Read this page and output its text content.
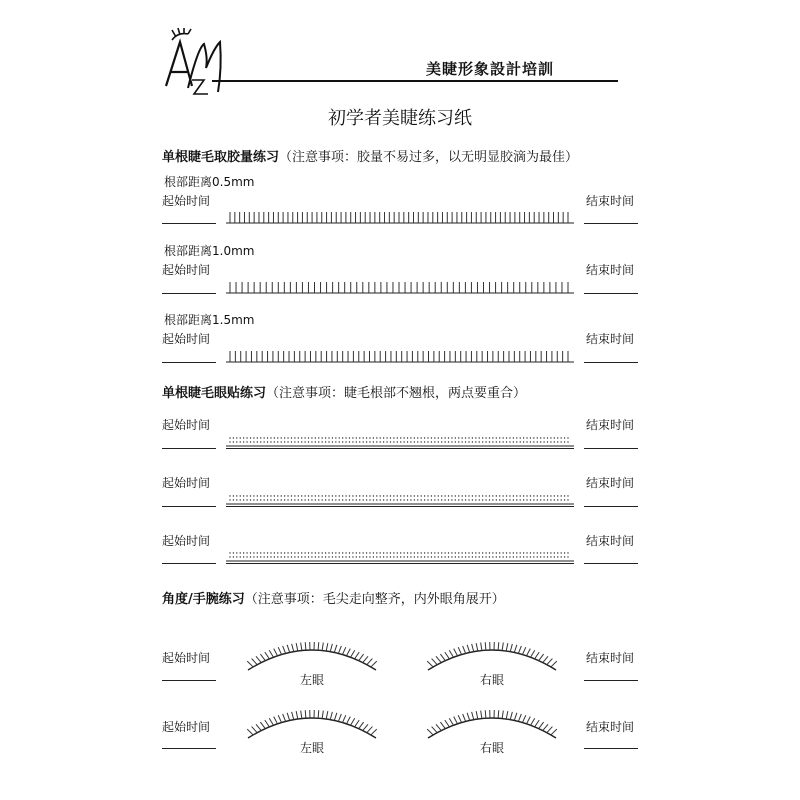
美睫形象設計培訓
初学者美睫练习纸
单根睫毛取胶量练习（注意事项：胶量不易过多，以无明显胶滴为最佳）
根部距离0.5mm
起始时间	结束时间
根部距离1.0mm
起始时间	结束时间
根部距离1.5mm
起始时间	结束时间
单根睫毛眼贴练习（注意事项：睫毛根部不翘根，两点要重合）
起始时间	结束时间
起始时间	结束时间
起始时间	结束时间
角度/手腕练习（注意事项：毛尖走向整齐，内外眼角展开）
起始时间
左眼	右眼
结束时间
起始时间
左眼	右眼
结束时间
